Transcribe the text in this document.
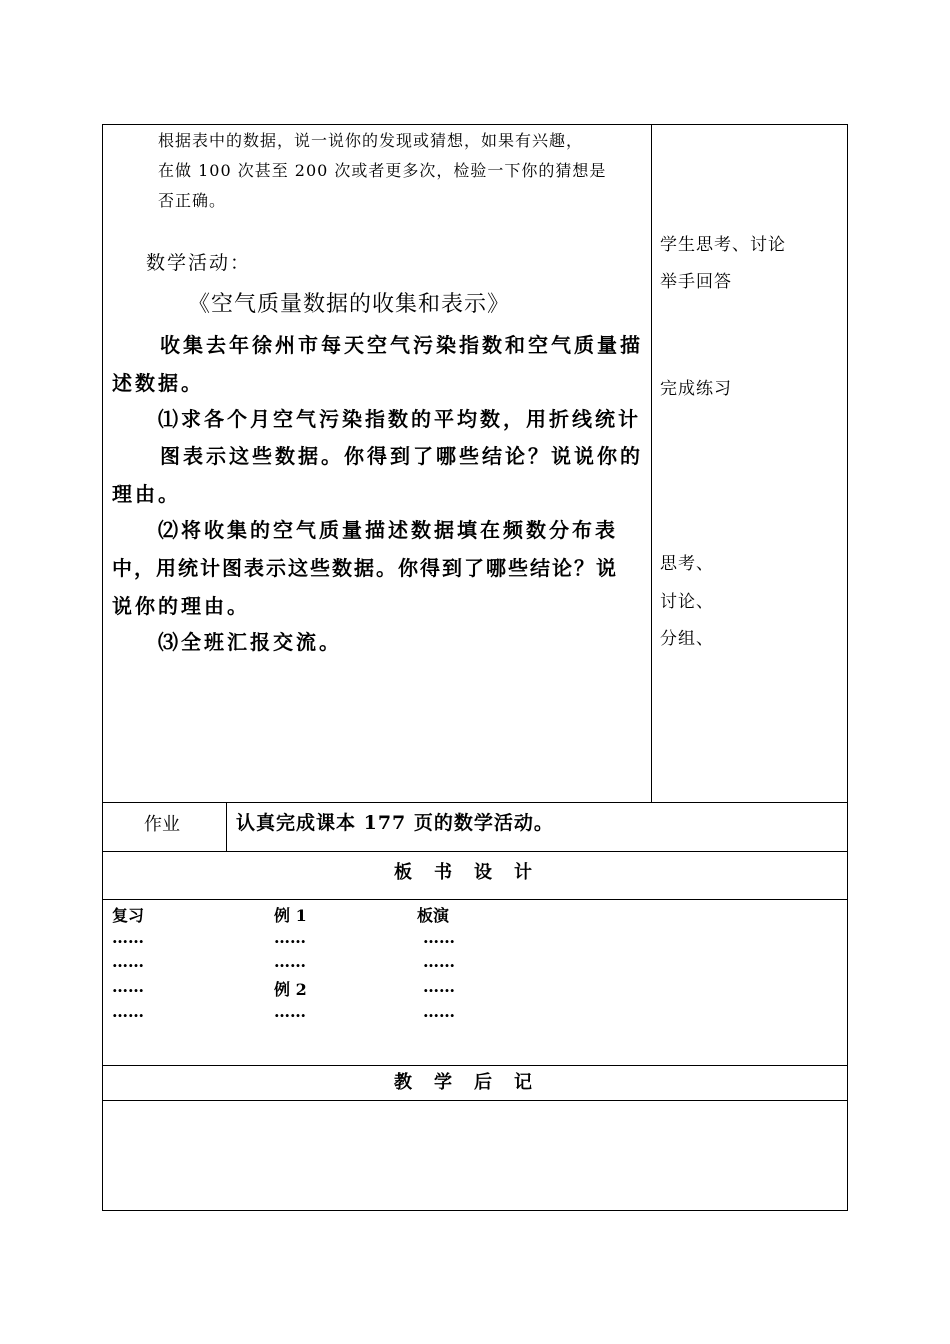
根据表中的数据，说一说你的发现或猜想，如果有兴趣，
在做 100 次甚至 200 次或者更多次，检验一下你的猜想是
否正确。
数学活动：
《空气质量数据的收集和表示》
收集去年徐州市每天空气污染指数和空气质量描
述数据。
⑴求各个月空气污染指数的平均数，用折线统计
图表示这些数据。你得到了哪些结论？说说你的
理由。
⑵将收集的空气质量描述数据填在频数分布表
中，用统计图表示这些数据。你得到了哪些结论？说
说你的理由。
⑶全班汇报交流。
学生思考、讨论
举手回答
完成练习
思考、
讨论、
分组、
作业	认真完成课本 177 页的数学活动。
板　书　设　计
复习
……
……
……
……
例 1
……
……
例 2
……
板演
……
……
……
……
教　学　后　记
